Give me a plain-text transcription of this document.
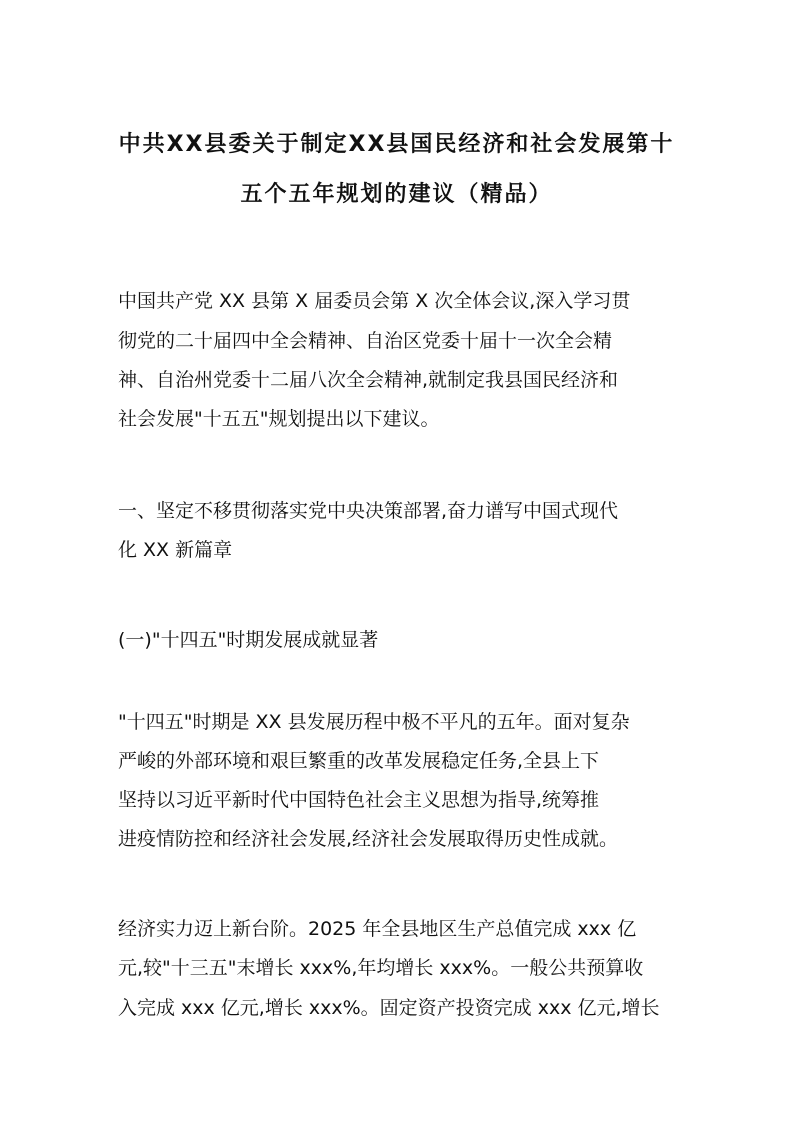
中共XX县委关于制定XX县国民经济和社会发展第十
五个五年规划的建议（精品）
中国共产党 XX 县第 X 届委员会第 X 次全体会议,深入学习贯
彻党的二十届四中全会精神、自治区党委十届十一次全会精
神、自治州党委十二届八次全会精神,就制定我县国民经济和
社会发展"十五五"规划提出以下建议。
一、坚定不移贯彻落实党中央决策部署,奋力谱写中国式现代
化 XX 新篇章
(一)"十四五"时期发展成就显著
"十四五"时期是 XX 县发展历程中极不平凡的五年。面对复杂
严峻的外部环境和艰巨繁重的改革发展稳定任务,全县上下
坚持以习近平新时代中国特色社会主义思想为指导,统筹推
进疫情防控和经济社会发展,经济社会发展取得历史性成就。
经济实力迈上新台阶。2025 年全县地区生产总值完成 xxx 亿
元,较"十三五"末增长 xxx%,年均增长 xxx%。一般公共预算收
入完成 xxx 亿元,增长 xxx%。固定资产投资完成 xxx 亿元,增长
